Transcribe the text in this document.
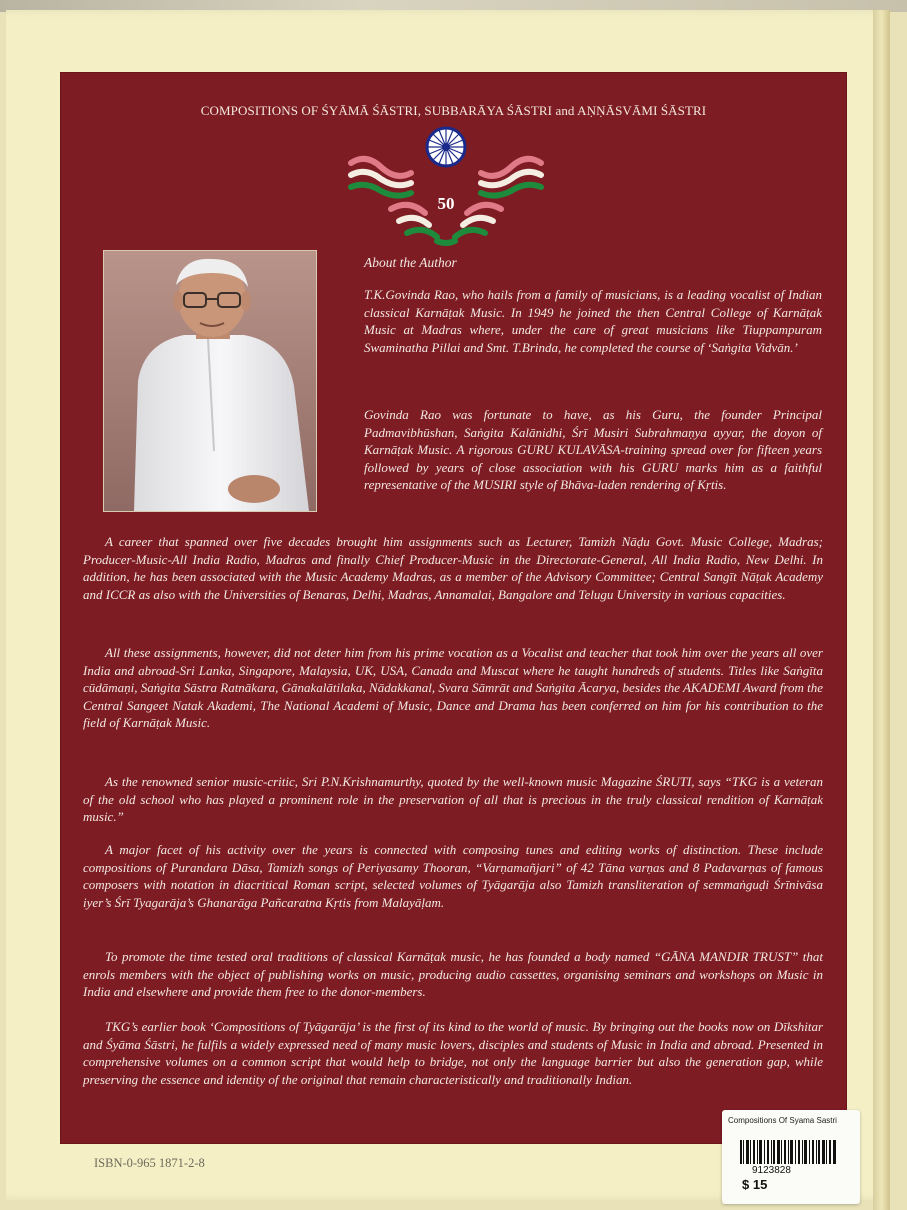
COMPOSITIONS OF ŚYĀMĀ ŚĀSTRI, SUBBARĀYA ŚĀSTRI and AṆṆĀSVĀMI ŚĀSTRI
50
About the Author

T.K.Govinda Rao, who hails from a family of musicians, is a leading vocalist of Indian classical Karnāṭak Music. In 1949 he joined the then Central College of Karnāṭak Music at Madras where, under the care of great musicians like Tiuppampuram Swaminatha Pillai and Smt. T.Brinda, he completed the course of ‘Saṅgita Vidvān.’

Govinda Rao was fortunate to have, as his Guru, the founder Principal Padmavibhūshan, Saṅgita Kalānidhi, Śrī Musiri Subrahmaṇya ayyar, the doyon of Karnāṭak Music. A rigorous GURU KULAVĀSA-training spread over for fifteen years followed by years of close association with his GURU marks him as a faithful representative of the MUSIRI style of Bhāva-laden rendering of Kṛtis.

A career that spanned over five decades brought him assignments such as Lecturer, Tamizh Nāḍu Govt. Music College, Madras; Producer-Music-All India Radio, Madras and finally Chief Producer-Music in the Directorate-General, All India Radio, New Delhi. In addition, he has been associated with the Music Academy Madras, as a member of the Advisory Committee; Central Sangīt Nāṭak Academy and ICCR as also with the Universities of Benaras, Delhi, Madras, Annamalai, Bangalore and Telugu University in various capacities.

All these assignments, however, did not deter him from his prime vocation as a Vocalist and teacher that took him over the years all over India and abroad-Sri Lanka, Singapore, Malaysia, UK, USA, Canada and Muscat where he taught hundreds of students. Titles like Saṅgīta cūdāmaṇi, Saṅgita Sāstra Ratnākara, Gānakalātilaka, Nādakkanal, Svara Sāmrāt and Saṅgita Ācarya, besides the AKADEMI Award from the Central Sangeet Natak Akademi, The National Academi of Music, Dance and Drama has been conferred on him for his contribution to the field of Karnāṭak Music.

As the renowned senior music-critic, Sri P.N.Krishnamurthy, quoted by the well-known music Magazine ŚRUTI, says “TKG is a veteran of the old school who has played a prominent role in the preservation of all that is precious in the truly classical rendition of Karnāṭak music.”

A major facet of his activity over the years is connected with composing tunes and editing works of distinction. These include compositions of Purandara Dāsa, Tamizh songs of Periyasamy Thooran, “Varṇamañjari” of 42 Tāna varṇas and 8 Padavarṇas of famous composers with notation in diacritical Roman script, selected volumes of Tyāgarāja also Tamizh transliteration of semmaṅguḍi Śrīnivāsa iyer’s Śrī Tyagarāja’s Ghanarāga Pañcaratna Kṛtis from Malayāḷam.

To promote the time tested oral traditions of classical Karnāṭak music, he has founded a body named “GĀNA MANDIR TRUST” that enrols members with the object of publishing works on music, producing audio cassettes, organising seminars and workshops on Music in India and elsewhere and provide them free to the donor-members.

TKG’s earlier book ‘Compositions of Tyāgarāja’ is the first of its kind to the world of music. By bringing out the books now on Dīkshitar and Śyāma Śāstri, he fulfils a widely expressed need of many music lovers, disciples and students of Music in India and abroad. Presented in comprehensive volumes on a common script that would help to bridge, not only the language barrier but also the generation gap, while preserving the essence and identity of the original that remain characteristically and traditionally Indian.

ISBN-0-965 1871-2-8
Compositions Of Syama Sastri
9123828
$ 15
